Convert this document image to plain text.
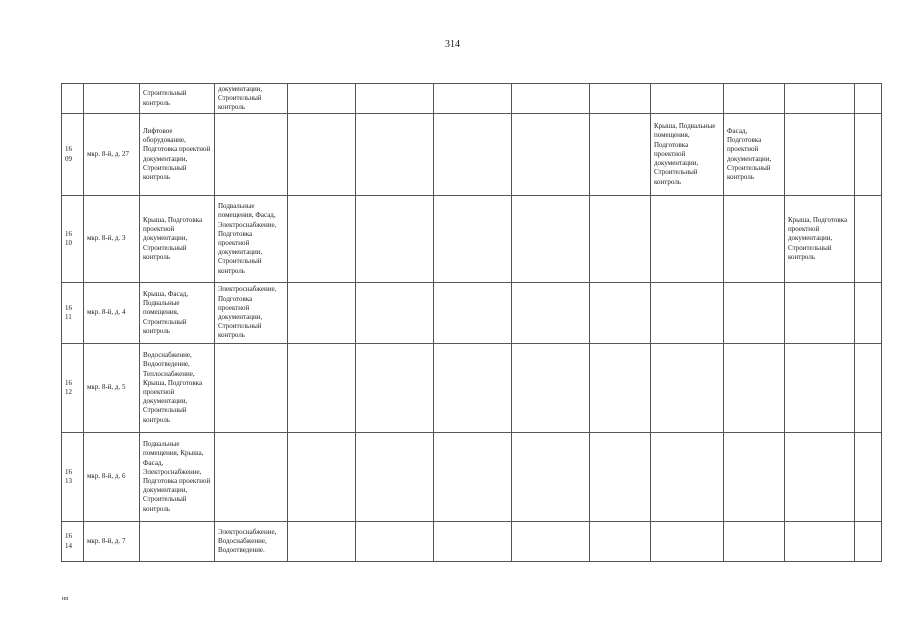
314
		Строительный контроль	документации, Строительный контроль									
16 09	мкр. 8-й, д. 27	Лифтовое оборудование, Подготовка проектной документации, Строительный контроль							Крыша, Подвальные помещения, Подготовка проектной документации, Строительный контроль	Фасад, Подготовка проектной документации, Строительный контроль		
16 10	мкр. 8-й, д. 3	Крыша, Подготовка проектной документации, Строительный контроль	Подвальные помещения, Фасад, Электроснабжение, Подготовка проектной документации, Строительный контроль								Крыша, Подготовка проектной документации, Строительный контроль	
16 11	мкр. 8-й, д. 4	Крыша, Фасад, Подвальные помещения, Строительный контроль	Электроснабжение, Подготовка проектной документации, Строительный контроль									
16 12	мкр. 8-й, д. 5	Водоснабжение, Водоотведение, Теплоснабжение, Крыша, Подготовка проектной документации, Строительный контроль										
16 13	мкр. 8-й, д. 6	Подвальные помещения, Крыша, Фасад, Электроснабжение, Подготовка проектной документации, Строительный контроль										
16 14	мкр. 8-й, д. 7		Электроснабжение, Водоснабжение, Водоотведение.									
нп
